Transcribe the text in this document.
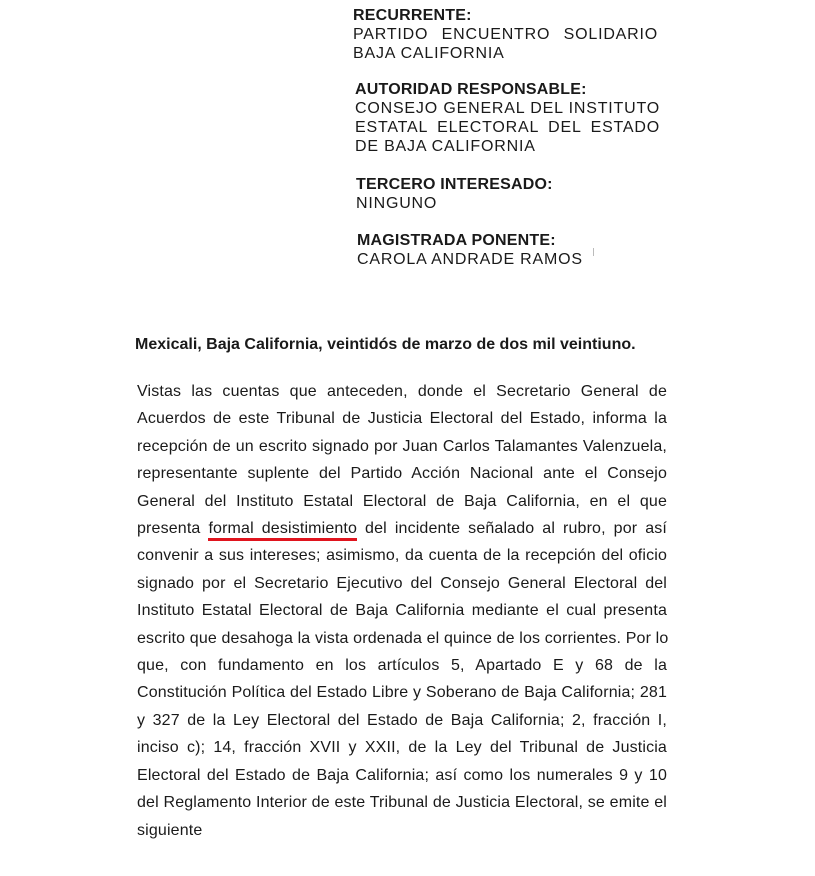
RECURRENTE:
PARTIDO ENCUENTRO SOLIDARIO
BAJA CALIFORNIA
AUTORIDAD RESPONSABLE:
CONSEJO GENERAL DEL INSTITUTO
ESTATAL ELECTORAL DEL ESTADO
DE BAJA CALIFORNIA
TERCERO INTERESADO:
NINGUNO
MAGISTRADA PONENTE:
CAROLA ANDRADE RAMOS
Mexicali, Baja California, veintidós de marzo de dos mil veintiuno.
Vistas las cuentas que anteceden, donde el Secretario General de
Acuerdos de este Tribunal de Justicia Electoral del Estado, informa la
recepción de un escrito signado por Juan Carlos Talamantes Valenzuela,
representante suplente del Partido Acción Nacional ante el Consejo
General del Instituto Estatal Electoral de Baja California, en el que
presenta formal desistimiento del incidente señalado al rubro, por así
convenir a sus intereses; asimismo, da cuenta de la recepción del oficio
signado por el Secretario Ejecutivo del Consejo General Electoral del
Instituto Estatal Electoral de Baja California mediante el cual presenta
escrito que desahoga la vista ordenada el quince de los corrientes. Por lo
que, con fundamento en los artículos 5, Apartado E y 68 de la
Constitución Política del Estado Libre y Soberano de Baja California; 281
y 327 de la Ley Electoral del Estado de Baja California; 2, fracción I,
inciso c); 14, fracción XVII y XXII, de la Ley del Tribunal de Justicia
Electoral del Estado de Baja California; así como los numerales 9 y 10
del Reglamento Interior de este Tribunal de Justicia Electoral, se emite el
siguiente
